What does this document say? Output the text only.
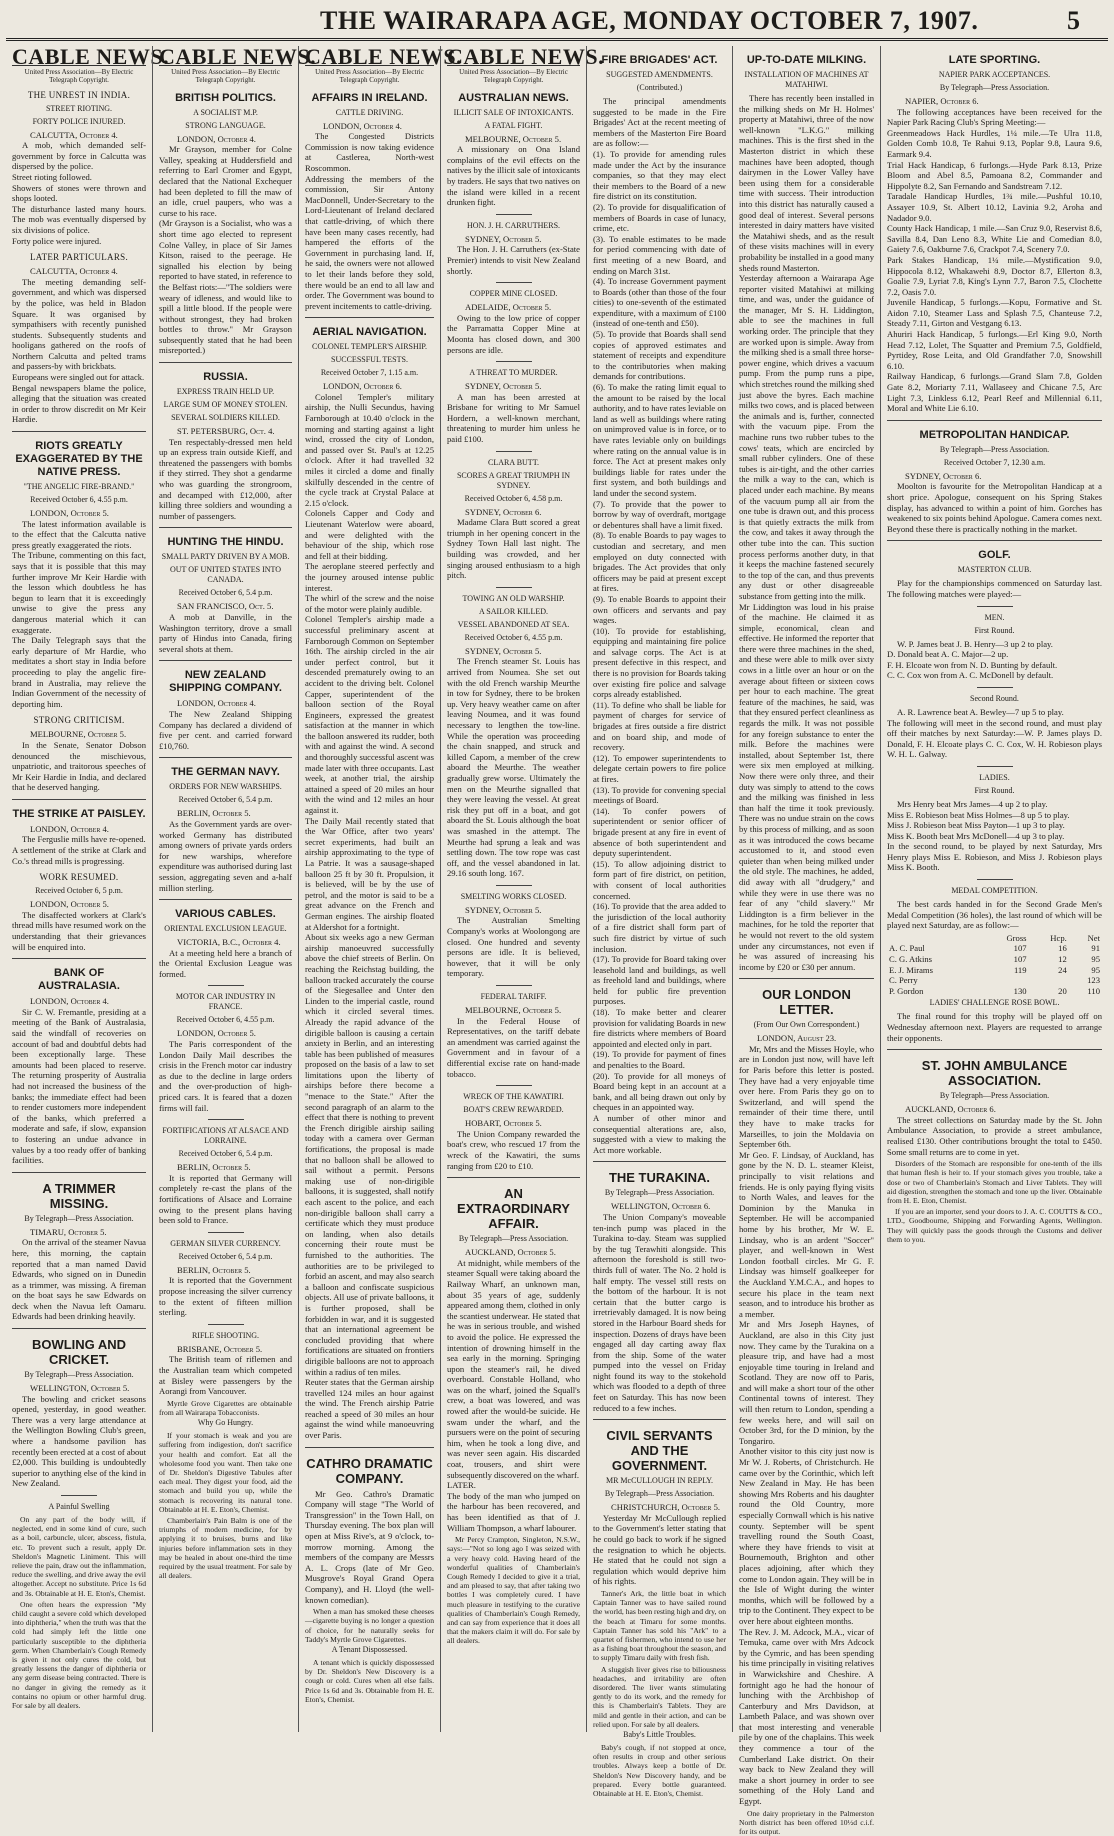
THE WAIRARAPA AGE, MONDAY OCTOBER 7, 1907.	5
CABLE NEWS.
United Press Association—By Electric Telegraph Copyright.
THE UNREST IN INDIA.
STREET RIOTING.
FORTY POLICE INJURED.
CALCUTTA, October 4.
A mob, which demanded self-government by force in Calcutta was dispersed by the police.
Street rioting followed.
Showers of stones were thrown and shops looted.
The disturbance lasted many hours. The mob was eventually dispersed by six divisions of police.
Forty police were injured.
LATER PARTICULARS.
CALCUTTA, October 4.
The meeting demanding self-government, and which was dispersed by the police, was held in Bladon Square. It was organised by sympathisers with recently punished students. Subsequently students and hooligans gathered on the roofs of Northern Calcutta and pelted trams and passers-by with brickbats.
Europeans were singled out for attack.
Bengal newspapers blame the police, alleging that the situation was created in order to throw discredit on Mr Keir Hardie.
RIOTS GREATLY EXAGGERATED BY THE NATIVE PRESS.
"THE ANGELIC FIRE-BRAND."
Received October 6, 4.55 p.m.
LONDON, October 5.
The latest information available is to the effect that the Calcutta native press greatly exaggerated the riots.
The Tribune, commenting on this fact, says that it is possible that this may further improve Mr Keir Hardie with the lesson which doubtless he has begun to learn that it is exceedingly unwise to give the press any dangerous material which it can exaggerate.
The Daily Telegraph says that the early departure of Mr Hardie, who meditates a short stay in India before proceeding to play the angelic fire-brand in Australia, may relieve the Indian Government of the necessity of deporting him.
STRONG CRITICISM.
MELBOURNE, October 5.
In the Senate, Senator Dobson denounced the mischievous, unpatriotic, and traitorous speeches of Mr Keir Hardie in India, and declared that he deserved hanging.
THE STRIKE AT PAISLEY.
LONDON, October 4.
The Ferguslie mills have re-opened.
A settlement of the strike at Clark and Co.'s thread mills is progressing.
WORK RESUMED.
Received October 6, 5 p.m.
LONDON, October 5.
The disaffected workers at Clark's thread mills have resumed work on the understanding that their grievances will be enquired into.
BANK OF AUSTRALASIA.
LONDON, October 4.
Sir C. W. Fremantle, presiding at a meeting of the Bank of Australasia, said the windfall of recoveries on account of bad and doubtful debts had been exceptionally large. These amounts had been placed to reserve. The returning prosperity of Australia had not increased the business of the banks; the immediate effect had been to render customers more independent of the banks, which preferred a moderate and safe, if slow, expansion to fostering an undue advance in values by a too ready offer of banking facilities.
A TRIMMER MISSING.
By Telegraph—Press Association.
TIMARU, October 5.
On the arrival of the steamer Navua here, this morning, the captain reported that a man named David Edwards, who signed on in Dunedin as a trimmer, was missing. A fireman on the boat says he saw Edwards on deck when the Navua left Oamaru. Edwards had been drinking heavily.
BOWLING AND CRICKET.
By Telegraph—Press Association.
WELLINGTON, October 5.
The bowling and cricket seasons opened, yesterday, in good weather. There was a very large attendance at the Wellington Bowling Club's green, where a handsome pavilion has recently been erected at a cost of about £2,000. This building is undoubtedly superior to anything else of the kind in New Zealand.
A Painful Swelling
On any part of the body will, if neglected, end in some kind of cure, such as a boil, carbuncle, ulcer, abscess, fistula, etc. To prevent such a result, apply Dr. Sheldon's Magnetic Liniment. This will relieve the pain, draw out the inflammation, reduce the swelling, and drive away the evil altogether. Accept no substitute. Price 1s 6d and 3s. Obtainable at H. E. Eton's, Chemist.
One often hears the expression "My child caught a severe cold which developed into diphtheria," when the truth was that the cold had simply left the little one particularly susceptible to the diphtheria germ. When Chamberlain's Cough Remedy is given it not only cures the cold, but greatly lessens the danger of diphtheria or any germ disease being contracted. There is no danger in giving the remedy as it contains no opium or other harmful drug. For sale by all dealers.
CABLE NEWS.
United Press Association—By Electric Telegraph Copyright.
BRITISH POLITICS.
A SOCIALIST M.P.
STRONG LANGUAGE.
LONDON, October 4.
Mr Grayson, member for Colne Valley, speaking at Huddersfield and referring to Earl Cromer and Egypt, declared that the National Exchequer had been depleted to fill the maw of an idle, cruel paupers, who was a curse to his race.
(Mr Grayson is a Socialist, who was a short time ago elected to represent Colne Valley, in place of Sir James Kitson, raised to the peerage. He signalled his election by being reported to have stated, in reference to the Belfast riots:—"The soldiers were weary of idleness, and would like to spill a little blood. If the people were without strongest, they had broken bottles to throw." Mr Grayson subsequently stated that he had been misreported.)
RUSSIA.
EXPRESS TRAIN HELD UP.
LARGE SUM OF MONEY STOLEN.
SEVERAL SOLDIERS KILLED.
ST. PETERSBURG, Oct. 4.
Ten respectably-dressed men held up an express train outside Kieff, and threatened the passengers with bombs if they stirred. They shot a gendarme who was guarding the strongroom, and decamped with £12,000, after killing three soldiers and wounding a number of passengers.
HUNTING THE HINDU.
SMALL PARTY DRIVEN BY A MOB.
OUT OF UNITED STATES INTO CANADA.
Received October 6, 5.4 p.m.
SAN FRANCISCO, Oct. 5.
A mob at Danville, in the Washington territory, drove a small party of Hindus into Canada, firing several shots at them.
NEW ZEALAND SHIPPING COMPANY.
LONDON, October 4.
The New Zealand Shipping Company has declared a dividend of five per cent. and carried forward £10,760.
THE GERMAN NAVY.
ORDERS FOR NEW WARSHIPS.
Received October 6, 5.4 p.m.
BERLIN, October 5.
As the Government yards are over-worked Germany has distributed among owners of private yards orders for new warships, wherefore expenditure was authorised during last session, aggregating seven and a-half million sterling.
VARIOUS CABLES.
ORIENTAL EXCLUSION LEAGUE.
VICTORIA, B.C., October 4.
At a meeting held here a branch of the Oriental Exclusion League was formed.
MOTOR CAR INDUSTRY IN FRANCE.
Received October 6, 4.55 p.m.
LONDON, October 5.
The Paris correspondent of the London Daily Mail describes the crisis in the French motor car industry as due to the decline in large orders and the over-production of high-priced cars. It is feared that a dozen firms will fail.
FORTIFICATIONS AT ALSACE AND LORRAINE.
Received October 6, 5.4 p.m.
BERLIN, October 5.
It is reported that Germany will completely re-cast the plans of the fortifications of Alsace and Lorraine owing to the present plans having been sold to France.
GERMAN SILVER CURRENCY.
Received October 6, 5.4 p.m.
BERLIN, October 5.
It is reported that the Government propose increasing the silver currency to the extent of fifteen million sterling.
RIFLE SHOOTING.
BRISBANE, October 5.
The British team of riflemen and the Australian team which competed at Bisley were passengers by the Aorangi from Vancouver.
Myrtle Grove Cigarettes are obtainable from all Wairarapa Tobacconists.
Why Go Hungry.
If your stomach is weak and you are suffering from indigestion, don't sacrifice your health and comfort. Eat all the wholesome food you want. Then take one of Dr. Sheldon's Digestive Tabules after each meal. They digest your food, aid the stomach and build you up, while the stomach is recovering its natural tone. Obtainable at H. E. Eton's, Chemist.
Chamberlain's Pain Balm is one of the triumphs of modern medicine, for by applying it to bruises, burns and like injuries before inflammation sets in they may be healed in about one-third the time required by the usual treatment. For sale by all dealers.
CABLE NEWS.
United Press Association—By Electric Telegraph Copyright.
AFFAIRS IN IRELAND.
CATTLE DRIVING.
LONDON, October 4.
The Congested Districts Commission is now taking evidence at Castlerea, North-west Roscommon.
Addressing the members of the commission, Sir Antony MacDonnell, Under-Secretary to the Lord-Lieutenant of Ireland declared that cattle-driving, of which there have been many cases recently, had hampered the efforts of the Government in purchasing land. If, he said, the owners were not allowed to let their lands before they sold, there would be an end to all law and order. The Government was bound to prevent incitements to cattle-driving.
AERIAL NAVIGATION.
COLONEL TEMPLER'S AIRSHIP.
SUCCESSFUL TESTS.
Received October 7, 1.15 a.m.
LONDON, October 6.
Colonel Templer's military airship, the Nulli Secundus, having Farnborough at 10.40 o'clock in the morning and starting against a light wind, crossed the city of London, and passed over St. Paul's at 12.25 o'clock. After it had travelled 32 miles it circled a dome and finally skilfully descended in the centre of the cycle track at Crystal Palace at 2.15 o'clock.
Colonels Capper and Cody and Lieutenant Waterlow were aboard, and were delighted with the behaviour of the ship, which rose and fell at their bidding.
The aeroplane steered perfectly and the journey aroused intense public interest.
The whirl of the screw and the noise of the motor were plainly audible.
Colonel Templer's airship made a successful preliminary ascent at Farnborough Common on September 16th. The airship circled in the air under perfect control, but it descended prematurely owing to an accident to the driving belt. Colonel Capper, superintendent of the balloon section of the Royal Engineers, expressed the greatest satisfaction at the manner in which the balloon answered its rudder, both with and against the wind. A second and thoroughly successful ascent was made later with three occupants. Last week, at another trial, the airship attained a speed of 20 miles an hour with the wind and 12 miles an hour against it.
The Daily Mail recently stated that the War Office, after two years' secret experiments, had built an airship approximating to the type of La Patrie. It was a sausage-shaped balloon 25 ft by 30 ft. Propulsion, it is believed, will be by the use of petrol, and the motor is said to be a great advance on the French and German engines. The airship floated at Aldershot for a fortnight.
About six weeks ago a new German airship manoeuvred successfully above the chief streets of Berlin. On reaching the Reichstag building, the balloon tracked accurately the course of the Siegesallee and Unter den Linden to the imperial castle, round which it circled several times. Already the rapid advance of the dirigible balloon is causing a certain anxiety in Berlin, and an interesting table has been published of measures proposed on the basis of a law to set limitations upon the liberty of airships before there become a "menace to the State." After the second paragraph of an alarm to the effect that there is nothing to prevent the French dirigible airship sailing today with a camera over German fortifications, the proposal is made that no balloon shall be allowed to sail without a permit. Persons making use of non-dirigible balloons, it is suggested, shall notify each ascent to the police, and each non-dirigible balloon shall carry a certificate which they must produce on landing, when also details concerning their route must be furnished to the authorities. The authorities are to be privileged to forbid an ascent, and may also search a balloon and confiscate suspicious objects. All use of private balloons, it is further proposed, shall be forbidden in war, and it is suggested that an international agreement be concluded providing that where fortifications are situated on frontiers dirigible balloons are not to approach within a radius of ten miles.
Reuter states that the German airship travelled 124 miles an hour against the wind. The French airship Patrie reached a speed of 30 miles an hour against the wind while manoeuvring over Paris.
CATHRO DRAMATIC COMPANY.
Mr Geo. Cathro's Dramatic Company will stage "The World of Transgression" in the Town Hall, on Thursday evening. The box plan will open at Miss Rive's, at 9 o'clock, to-morrow morning. Among the members of the company are Messrs A. L. Crops (late of Mr Geo. Musgrove's Royal Grand Opera Company), and H. Lloyd (the well-known comedian).
When a man has smoked these cheeses—cigarette buying is no longer a question of choice, for he naturally seeks for Taddy's Myrtle Grove Cigarettes.
A Tenant Dispossessed.
A tenant which is quickly dispossessed by Dr. Sheldon's New Discovery is a cough or cold. Cures when all else fails. Price 1s 6d and 3s. Obtainable from H. E. Eton's, Chemist.
CABLE NEWS.
United Press Association—By Electric Telegraph Copyright.
AUSTRALIAN NEWS.
ILLICIT SALE OF INTOXICANTS.
A FATAL FIGHT.
MELBOURNE, October 5.
A missionary on Ona Island complains of the evil effects on the natives by the illicit sale of intoxicants by traders. He says that two natives on the island were killed in a recent drunken fight.
HON. J. H. CARRUTHERS.
SYDNEY, October 5.
The Hon. J. H. Carruthers (ex-State Premier) intends to visit New Zealand shortly.
COPPER MINE CLOSED.
ADELAIDE, October 5.
Owing to the low price of copper the Parramatta Copper Mine at Moonta has closed down, and 300 persons are idle.
A THREAT TO MURDER.
SYDNEY, October 5.
A man has been arrested at Brisbane for writing to Mr Samuel Hordern, a well-known merchant, threatening to murder him unless he paid £100.
CLARA BUTT.
SCORES A GREAT TRIUMPH IN SYDNEY.
Received October 6, 4.58 p.m.
SYDNEY, October 6.
Madame Clara Butt scored a great triumph in her opening concert in the Sydney Town Hall last night. The building was crowded, and her singing aroused enthusiasm to a high pitch.
TOWING AN OLD WARSHIP.
A SAILOR KILLED.
VESSEL ABANDONED AT SEA.
Received October 6, 4.55 p.m.
SYDNEY, October 5.
The French steamer St. Louis has arrived from Noumea. She set out with the old French warship Meurthe in tow for Sydney, there to be broken up. Very heavy weather came on after leaving Noumea, and it was found necessary to lengthen the tow-line. While the operation was proceeding the chain snapped, and struck and killed Capom, a member of the crew aboard the Meurthe. The weather gradually grew worse. Ultimately the men on the Meurthe signalled that they were leaving the vessel. At great risk they put off in a boat, and got aboard the St. Louis although the boat was smashed in the attempt. The Meurthe had sprung a leak and was settling down. The tow rope was cast off, and the vessel abandoned in lat. 29.16 south long. 167.
SMELTING WORKS CLOSED.
SYDNEY, October 5.
The Australian Smelting Company's works at Woolongong are closed. One hundred and seventy persons are idle. It is believed, however, that it will be only temporary.
FEDERAL TARIFF.
MELBOURNE, October 5.
In the Federal House of Representatives, on the tariff debate an amendment was carried against the Government and in favour of a differential excise rate on hand-made tobacco.
WRECK OF THE KAWATIRI.
BOAT'S CREW REWARDED.
HOBART, October 5.
The Union Company rewarded the boat's crew, who rescued 17 from the wreck of the Kawatiri, the sums ranging from £20 to £10.
AN EXTRAORDINARY AFFAIR.
By Telegraph—Press Association.
AUCKLAND, October 5.
At midnight, while members of the steamer Squall were taking aboard the Railway Wharf, an unknown man, about 35 years of age, suddenly appeared among them, clothed in only the scantiest underwear. He stated that he was in serious trouble, and wished to avoid the police. He expressed the intention of drowning himself in the sea early in the morning. Springing upon the steamer's rail, he dived overboard. Constable Holland, who was on the wharf, joined the Squall's crew, a boat was lowered, and was rowed after the would-be suicide. He swam under the wharf, and the pursuers were on the point of securing him, when he took a long dive, and was never seen again. His discarded coat, trousers, and shirt were subsequently discovered on the wharf.
LATER.
The body of the man who jumped on the harbour has been recovered, and has been identified as that of J. William Thompson, a wharf labourer.
Mr Percy Crampton, Singleton, N.S.W., says:—"Not so long ago I was seized with a very heavy cold. Having heard of the wonderful qualities of Chamberlain's Cough Remedy I decided to give it a trial, and am pleased to say, that after taking two bottles I was completely cured. I have much pleasure in testifying to the curative qualities of Chamberlain's Cough Remedy, and can say from experience that it does all that the makers claim it will do. For sale by all dealers.
FIRE BRIGADES' ACT.
SUGGESTED AMENDMENTS.
(Contributed.)
The principal amendments suggested to be made in the Fire Brigades' Act at the recent meeting of members of the Masterton Fire Board are as follow:—
(1). To provide for amending rules made under the Act by the insurance companies, so that they may elect their members to the Board of a new fire district on its constitution.
(2). To provide for disqualification of members of Boards in case of lunacy, crime, etc.
(3). To enable estimates to be made for period commencing with date of first meeting of a new Board, and ending on March 31st.
(4). To increase Government payment to Boards (other than those of the four cities) to one-seventh of the estimated expenditure, with a maximum of £100 (instead of one-tenth and £50).
(5). To provide that Boards shall send copies of approved estimates and statement of receipts and expenditure to the contributories when making demands for contributions.
(6). To make the rating limit equal to the amount to be raised by the local authority, and to have rates leviable on land as well as buildings where rating on unimproved value is in force, or to have rates leviable only on buildings where rating on the annual value is in force. The Act at present makes only buildings liable for rates under the first system, and both buildings and land under the second system.
(7). To provide that the power to borrow by way of overdraft, mortgage or debentures shall have a limit fixed.
(8). To enable Boards to pay wages to custodian and secretary, and men employed on duty connected with brigades. The Act provides that only officers may be paid at present except at fires.
(9). To enable Boards to appoint their own officers and servants and pay wages.
(10). To provide for establishing, equipping and maintaining fire police and salvage corps. The Act is at present defective in this respect, and there is no provision for Boards taking over existing fire police and salvage corps already established.
(11). To define who shall be liable for payment of charges for service of brigades at fires outside a fire district and on board ship, and mode of recovery.
(12). To empower superintendents to delegate certain powers to fire police at fires.
(13). To provide for convening special meetings of Board.
(14). To confer powers of superintendent or senior officer of brigade present at any fire in event of absence of both superintendent and deputy superintendent.
(15). To allow adjoining district to form part of fire district, on petition, with consent of local authorities concerned.
(16). To provide that the area added to the jurisdiction of the local authority of a fire district shall form part of such fire district by virtue of such inclusion.
(17). To provide for Board taking over leasehold land and buildings, as well as freehold land and buildings, where held for public fire prevention purposes.
(18). To make better and clearer provision for validating Boards in new fire districts where members of Board appointed and elected only in part.
(19). To provide for payment of fines and penalties to the Board.
(20). To provide for all moneys of Board being kept in an account at a bank, and all being drawn out only by cheques in an appointed way.
A number of other minor and consequential alterations are, also, suggested with a view to making the Act more workable.
THE TURAKINA.
By Telegraph—Press Association.
WELLINGTON, October 6.
The Union Company's moveable ten-inch pump was placed in the Turakina to-day. Steam was supplied by the tug Terawhiti alongside. This afternoon the foreshold is still two-thirds full of water. The No. 2 hold is half empty. The vessel still rests on the bottom of the harbour. It is not certain that the butter cargo is irretrievably damaged. It is now being stored in the Harbour Board sheds for inspection. Dozens of drays have been engaged all day carting away flax from the ship. Some of the water pumped into the vessel on Friday night found its way to the stokehold which was flooded to a depth of three feet on Saturday. This has now been reduced to a few inches.
CIVIL SERVANTS AND THE GOVERNMENT.
MR McCULLOUGH IN REPLY.
By Telegraph—Press Association.
CHRISTCHURCH, October 5.
Yesterday Mr McCullough replied to the Government's letter stating that he could go back to work if he signed the resignation to which he objects. He stated that he could not sign a regulation which would deprive him of his rights.
Tanner's Ark, the little boat in which Captain Tanner was to have sailed round the world, has been resting high and dry, on the beach at Timaru for some months. Captain Tanner has sold his "Ark" to a quartet of fishermen, who intend to use her as a fishing boat throughout the season, and to supply Timaru daily with fresh fish.
A sluggish liver gives rise to biliousness headaches, and irritability are often disordered. The liver wants stimulating gently to do its work, and the remedy for this is Chamberlain's Tablets. They are mild and gentle in their action, and can be relied upon. For sale by all dealers.
Baby's Little Troubles.
Baby's cough, if not stopped at once, often results in croup and other serious troubles. Always keep a bottle of Dr. Sheldon's New Discovery handy, and be prepared. Every bottle guaranteed. Obtainable at H. E. Eton's, Chemist.
UP-TO-DATE MILKING.
INSTALLATION OF MACHINES AT MATAHIWI.
There has recently been installed in the milking sheds on Mr H. Holmes' property at Matahiwi, three of the now well-known "L.K.G." milking machines. This is the first shed in the Masterton district in which these machines have been adopted, though dairymen in the Lower Valley have been using them for a considerable time with success. Their introduction into this district has naturally caused a good deal of interest. Several persons interested in dairy matters have visited the Matahiwi sheds, and as the result of these visits machines will in every probability be installed in a good many sheds round Masterton.
Yesterday afternoon a Wairarapa Age reporter visited Matahiwi at milking time, and was, under the guidance of the manager, Mr S. H. Liddington, able to see the machines in full working order. The principle that they are worked upon is simple. Away from the milking shed is a small three horse-power engine, which drives a vacuum pump. From the pump runs a pipe, which stretches round the milking shed just above the byres. Each machine milks two cows, and is placed between the animals and is, further, connected with the vacuum pipe. From the machine runs two rubber tubes to the cows' teats, which are encircled by small rubber cylinders. One of these tubes is air-tight, and the other carries the milk a way to the can, which is placed under each machine. By means of the vacuum pump all air from the one tube is drawn out, and this process is that quietly extracts the milk from the cow, and takes it away through the other tube into the can. This suction process performs another duty, in that it keeps the machine fastened securely to the top of the can, and thus prevents any dust or other disagreeable substance from getting into the milk.
Mr Liddington was loud in his praise of the machine. He claimed it as simple, economical, clean and effective. He informed the reporter that there were three machines in the shed, and these were able to milk over sixty cows in a little over an hour or on the average about fifteen or sixteen cows per hour to each machine. The great feature of the machines, he said, was that they ensured perfect cleanliness as regards the milk. It was not possible for any foreign substance to enter the milk. Before the machines were installed, about September 1st, there were six men employed at milking. Now there were only three, and their duty was simply to attend to the cows and the milking was finished in less than half the time it took previously. There was no undue strain on the cows by this process of milking, and as soon as it was introduced the cows became accustomed to it, and stood even quieter than when being milked under the old style. The machines, he added, did away with all "drudgery," and while they were in use there was no fear of any "child slavery." Mr Liddington is a firm believer in the machines, for he told the reporter that he would not revert to the old system under any circumstances, not even if he was assured of increasing his income by £20 or £30 per annum.
OUR LONDON LETTER.
(From Our Own Correspondent.)
LONDON, August 23.
Mr, Mrs and the Misses Hoyle, who are in London just now, will have left for Paris before this letter is posted. They have had a very enjoyable time over here. From Paris they go on to Switzerland, and will spend the remainder of their time there, until they have to make tracks for Marseilles, to join the Moldavia on September 6th.
Mr Geo. F. Lindsay, of Auckland, has gone by the N. D. L. steamer Kleist, principally to visit relations and friends. He is only paying flying visits to North Wales, and leaves for the Dominion by the Manuka in September. He will be accompanied home by his brother, Mr W. E. Lindsay, who is an ardent "Soccer" player, and well-known in West London football circles. Mr G. F. Lindsay was himself goalkeeper for the Auckland Y.M.C.A., and hopes to secure his place in the team next season, and to introduce his brother as a member.
Mr and Mrs Joseph Haynes, of Auckland, are also in this City just now. They came by the Turakina on a pleasure trip, and have had a most enjoyable time touring in Ireland and Scotland. They are now off to Paris, and will make a short tour of the other Continental towns of interest. They will then return to London, spending a few weeks here, and will sail on October 3rd, for the D minion, by the Tongariro.
Another visitor to this city just now is Mr W. J. Roberts, of Christchurch. He came over by the Corinthic, which left New Zealand in May. He has been showing Mrs Roberts and his daughter round the Old Country, more especially Cornwall which is his native county. September will be spent travelling round the South Coast, where they have friends to visit at Bournemouth, Brighton and other places adjoining, after which they come to London again. They will be in the Isle of Wight during the winter months, which will be followed by a trip to the Continent. They expect to be over here about eighteen months.
The Rev. J. M. Adcock, M.A., vicar of Temuka, came over with Mrs Adcock by the Cymric, and has been spending his time principally in visiting relatives in Warwickshire and Cheshire. A fortnight ago he had the honour of lunching with the Archbishop of Canterbury and Mrs Davidson, at Lambeth Palace, and was shown over that most interesting and venerable pile by one of the chaplains. This week they commence a tour of the Cumberland Lake district. On their way back to New Zealand they will make a short journey in order to see something of the Holy Land and Egypt.
One dairy proprietary in the Palmerston North district has been offered 10½d c.i.f. for its output.
LATE SPORTING.
NAPIER PARK ACCEPTANCES.
By Telegraph—Press Association.
NAPIER, October 6.
The following acceptances have been received for the Napier Park Racing Club's Spring Meeting:—
Greenmeadows Hack Hurdles, 1¼ mile.—Te Ulra 11.8, Golden Comb 10.8, Te Rahui 9.13, Poplar 9.8, Laura 9.6, Earmark 9.4.
Trial Hack Handicap, 6 furlongs.—Hyde Park 8.13, Prize Bloom and Abel 8.5, Pamoana 8.2, Commander and Hippolyte 8.2, San Fernando and Sandstream 7.12.
Taradale Handicap Hurdles, 1¾ mile.—Pushful 10.10, Assayer 10.9, St. Albert 10.12, Lavinia 9.2, Aroha and Nadador 9.0.
County Hack Handicap, 1 mile.—San Cruz 9.0, Reservist 8.6, Savilla 8.4, Dan Leno 8.3, White Lie and Comedian 8.0, Gaiety 7.6, Oakburne 7.6, Crackpot 7.4, Scenery 7.0.
Park Stakes Handicap, 1¼ mile.—Mystification 9.0, Hippocola 8.12, Whakawehi 8.9, Doctor 8.7, Ellerton 8.3, Goalie 7.9, Lyriat 7.8, King's Lynn 7.7, Baron 7.5, Clochette 7.2, Oasis 7.0.
Juvenile Handicap, 5 furlongs.—Kopu, Formative and St. Aidon 7.10, Steamer Lass and Splash 7.5, Chanteuse 7.2, Steady 7.11, Girton and Vestgang 6.13.
Ahuriri Hack Handicap, 5 furlongs.—Erl King 9.0, North Head 7.12, Lolet, The Squatter and Premium 7.5, Goldfield, Pyrtidey, Rose Leita, and Old Grandfather 7.0, Snowshill 6.10.
Railway Handicap, 6 furlongs.—Grand Slam 7.8, Golden Gate 8.2, Moriarty 7.11, Wallaseey and Chicane 7.5, Arc Light 7.3, Linkless 6.12, Pearl Reef and Millennial 6.11, Moral and White Lie 6.10.
METROPOLITAN HANDICAP.
By Telegraph—Press Association.
Received October 7, 12.30 a.m.
SYDNEY, October 6.
Moolton is favourite for the Metropolitan Handicap at a short price. Apologue, consequent on his Spring Stakes display, has advanced to within a point of him. Gorches has weakened to six points behind Apologue. Camera comes next. Beyond these there is practically nothing in the market.
GOLF.
MASTERTON CLUB.
Play for the championships commenced on Saturday last. The following matches were played:—
MEN.
First Round.
W. P. James beat J. B. Henry—3 up 2 to play.
D. Donald beat A. C. Major—2 up.
F. H. Elcoate won from N. D. Bunting by default.
C. C. Cox won from A. C. McDonell by default.
Second Round.
A. R. Lawrence beat A. Bewley—7 up 5 to play.
The following will meet in the second round, and must play off their matches by next Saturday:—W. P. James plays D. Donald, F. H. Elcoate plays C. C. Cox, W. H. Robieson plays W. H. L. Galway.
LADIES.
First Round.
Mrs Henry beat Mrs James—4 up 2 to play.
Miss E. Robieson beat Miss Holmes—8 up 5 to play.
Miss J. Robieson beat Miss Payton—1 up 3 to play.
Miss K. Booth beat Mrs McDonell—4 up 3 to play.
In the second round, to be played by next Saturday, Mrs Henry plays Miss E. Robieson, and Miss J. Robieson plays Miss K. Booth.
MEDAL COMPETITION.
The best cards handed in for the Second Grade Men's Medal Competition (36 holes), the last round of which will be played next Saturday, are as follow:—
	Gross	Hcp.	Net
A. C. Paul	107	16	91
C. G. Atkins	107	12	95
E. J. Mirams	119	24	95
C. Perry			123
P. Gordon	130	20	110
LADIES' CHALLENGE ROSE BOWL.
The final round for this trophy will be played off on Wednesday afternoon next. Players are requested to arrange their opponents.
ST. JOHN AMBULANCE ASSOCIATION.
By Telegraph—Press Association.
AUCKLAND, October 6.
The street collections on Saturday made by the St. John Ambulance Association, to provide a street ambulance, realised £130. Other contributions brought the total to £450. Some small returns are to come in yet.
Disorders of the Stomach are responsible for one-tenth of the ills that human flesh is heir to. If your stomach gives you trouble, take a dose or two of Chamberlain's Stomach and Liver Tablets. They will aid digestion, strengthen the stomach and tone up the liver. Obtainable from H. E. Eton, Chemist.
If you are an importer, send your doors to J. A. C. COUTTS & CO., LTD., Goodbourne, Shipping and Forwarding Agents, Wellington. They will quickly pass the goods through the Customs and deliver them to you.
